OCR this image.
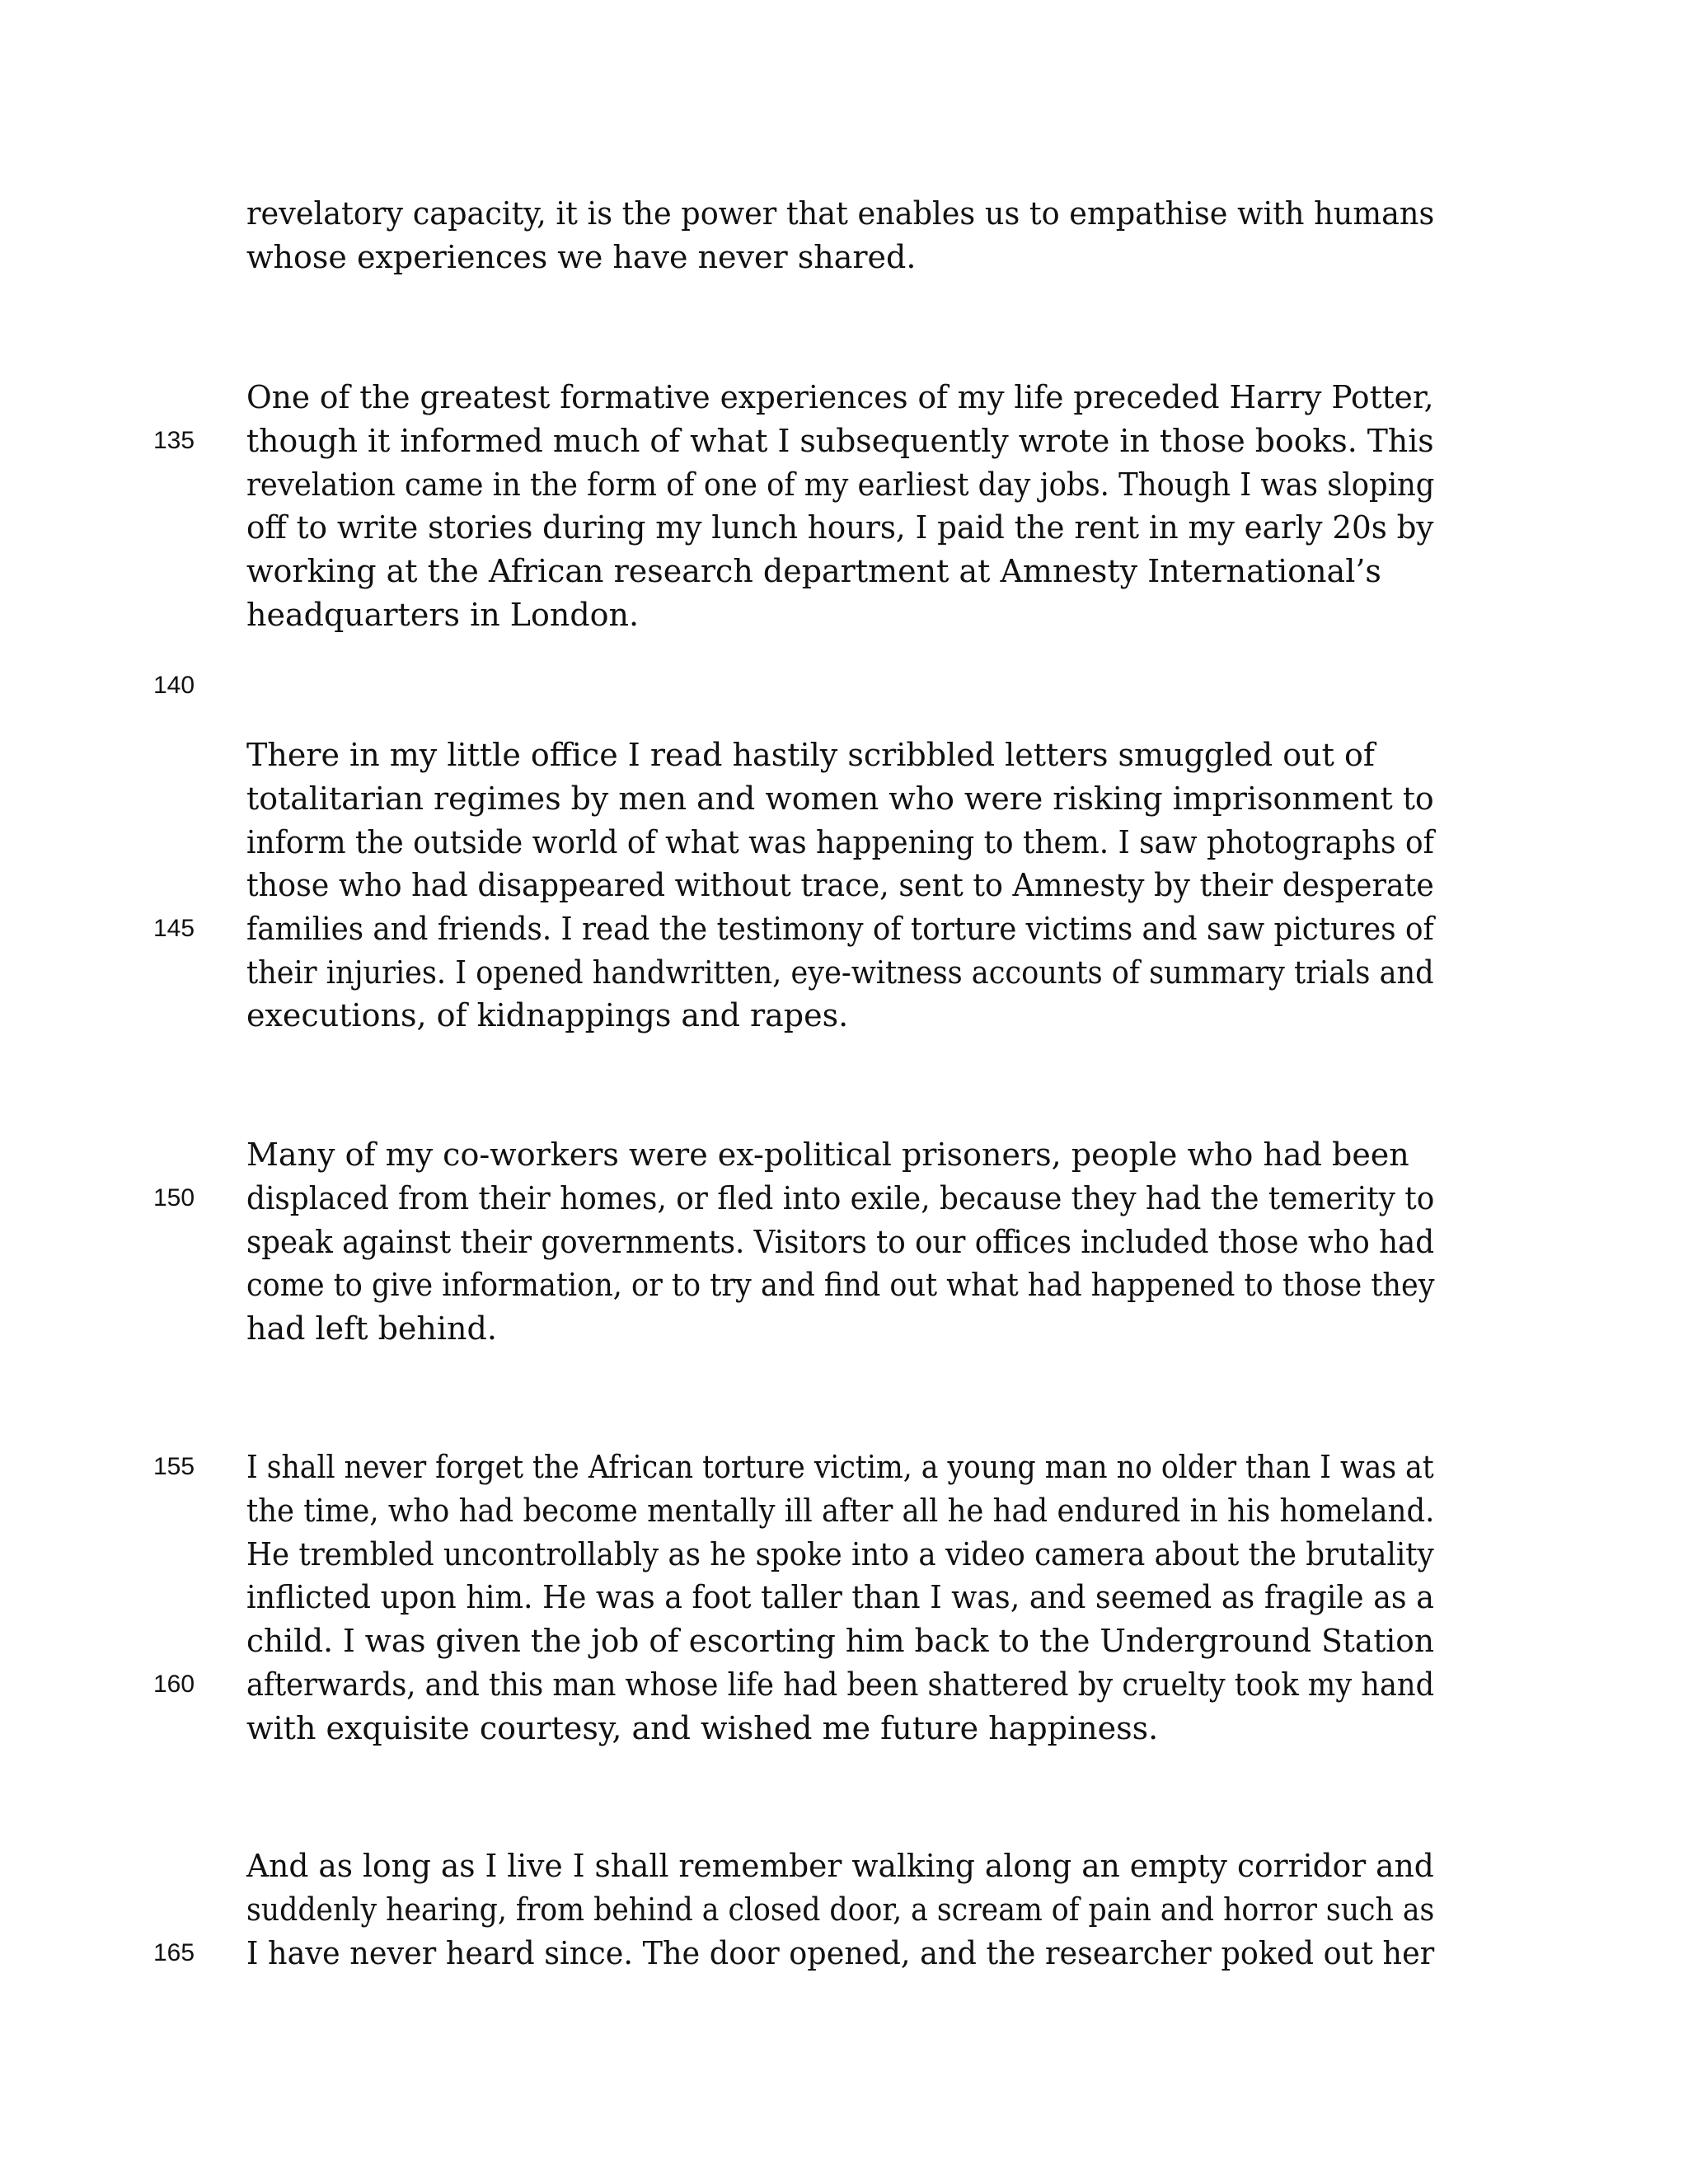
revelatory capacity, it is the power that enables us to empathise with humans
whose experiences we have never shared.
One of the greatest formative experiences of my life preceded Harry Potter,
135 though it informed much of what I subsequently wrote in those books. This
revelation came in the form of one of my earliest day jobs. Though I was sloping
off to write stories during my lunch hours, I paid the rent in my early 20s by
working at the African research department at Amnesty International’s
headquarters in London.
140
There in my little office I read hastily scribbled letters smuggled out of
totalitarian regimes by men and women who were risking imprisonment to
inform the outside world of what was happening to them. I saw photographs of
those who had disappeared without trace, sent to Amnesty by their desperate
145 families and friends. I read the testimony of torture victims and saw pictures of
their injuries. I opened handwritten, eye-witness accounts of summary trials and
executions, of kidnappings and rapes.
Many of my co-workers were ex-political prisoners, people who had been
150 displaced from their homes, or fled into exile, because they had the temerity to
speak against their governments. Visitors to our offices included those who had
come to give information, or to try and find out what had happened to those they
had left behind.
155 I shall never forget the African torture victim, a young man no older than I was at
the time, who had become mentally ill after all he had endured in his homeland.
He trembled uncontrollably as he spoke into a video camera about the brutality
inflicted upon him. He was a foot taller than I was, and seemed as fragile as a
child. I was given the job of escorting him back to the Underground Station
160 afterwards, and this man whose life had been shattered by cruelty took my hand
with exquisite courtesy, and wished me future happiness.
And as long as I live I shall remember walking along an empty corridor and
suddenly hearing, from behind a closed door, a scream of pain and horror such as
165 I have never heard since. The door opened, and the researcher poked out her
